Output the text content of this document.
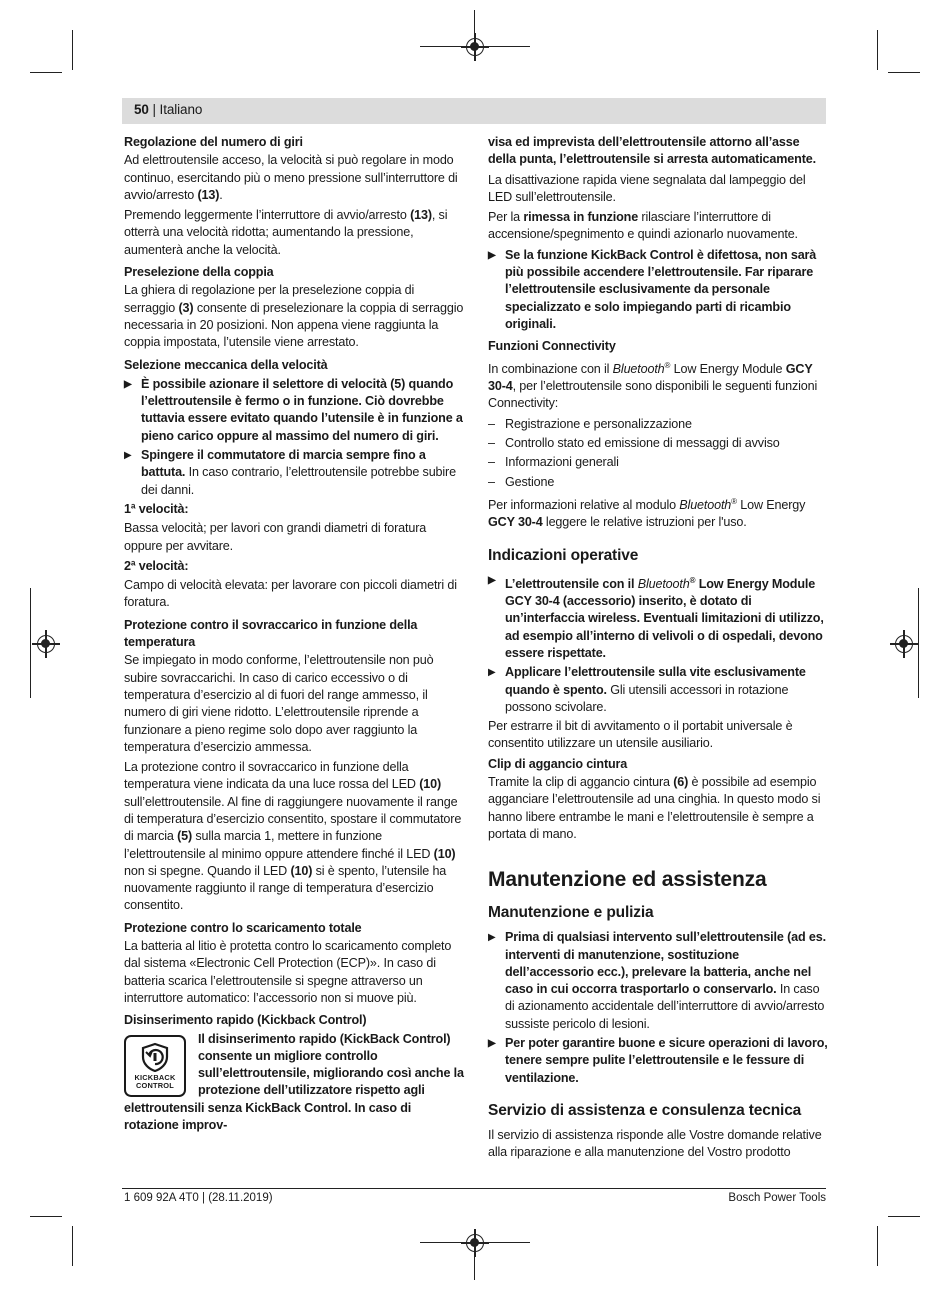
50 | Italiano

Regolazione del numero di giri

Ad elettroutensile acceso, la velocità si può regolare in modo continuo, esercitando più o meno pressione sull’interruttore di avvio/arresto (13).

Premendo leggermente l’interruttore di avvio/arresto (13), si otterrà una velocità ridotta; aumentando la pressione, aumenterà anche la velocità.

Preselezione della coppia

La ghiera di regolazione per la preselezione coppia di serraggio (3) consente di preselezionare la coppia di serraggio necessaria in 20 posizioni. Non appena viene raggiunta la coppia impostata, l’utensile viene arrestato.

Selezione meccanica della velocità

▶ È possibile azionare il selettore di velocità (5) quando l’elettroutensile è fermo o in funzione. Ciò dovrebbe tuttavia essere evitato quando l’utensile è in funzione a pieno carico oppure al massimo del numero di giri.

▶ Spingere il commutatore di marcia sempre fino a battuta. In caso contrario, l’elettroutensile potrebbe subire dei danni.

1ª velocità:

Bassa velocità; per lavori con grandi diametri di foratura oppure per avvitare.

2ª velocità:

Campo di velocità elevata: per lavorare con piccoli diametri di foratura.

Protezione contro il sovraccarico in funzione della temperatura

Se impiegato in modo conforme, l’elettroutensile non può subire sovraccarichi. In caso di carico eccessivo o di temperatura d’esercizio al di fuori del range ammesso, il numero di giri viene ridotto. L’elettroutensile riprende a funzionare a pieno regime solo dopo aver raggiunto la temperatura d’esercizio ammessa.

La protezione contro il sovraccarico in funzione della temperatura viene indicata da una luce rossa del LED (10) sull’elettroutensile. Al fine di raggiungere nuovamente il range di temperatura d’esercizio consentito, spostare il commutatore di marcia (5) sulla marcia 1, mettere in funzione l’elettroutensile al minimo oppure attendere finché il LED (10) non si spegne. Quando il LED (10) si è spento, l’utensile ha nuovamente raggiunto il range di temperatura d’esercizio consentito.

Protezione contro lo scaricamento totale

La batteria al litio è protetta contro lo scaricamento completo dal sistema «Electronic Cell Protection (ECP)». In caso di batteria scarica l’elettroutensile si spegne attraverso un interruttore automatico: l’accessorio non si muove più.

Disinserimento rapido (Kickback Control)

KICKBACK
CONTROL

Il disinserimento rapido (KickBack Control) consente un migliore controllo sull’elettroutensile, migliorando così anche la protezione dell’utilizzatore rispetto agli elettroutensili senza KickBack Control. In caso di rotazione improv-

visa ed imprevista dell’elettroutensile attorno all’asse della punta, l’elettroutensile si arresta automaticamente.

La disattivazione rapida viene segnalata dal lampeggio del LED sull’elettroutensile.

Per la rimessa in funzione rilasciare l’interruttore di accensione/spegnimento e quindi azionarlo nuovamente.

▶ Se la funzione KickBack Control è difettosa, non sarà più possibile accendere l’elettroutensile. Far riparare l’elettroutensile esclusivamente da personale specializzato e solo impiegando parti di ricambio originali.

Funzioni Connectivity

In combinazione con il Bluetooth® Low Energy Module GCY 30-4, per l’elettroutensile sono disponibili le seguenti funzioni Connectivity:

– Registrazione e personalizzazione

– Controllo stato ed emissione di messaggi di avviso

– Informazioni generali

– Gestione

Per informazioni relative al modulo Bluetooth® Low Energy GCY 30-4 leggere le relative istruzioni per l'uso.

Indicazioni operative

▶ L’elettroutensile con il Bluetooth® Low Energy Module GCY 30-4 (accessorio) inserito, è dotato di un’interfaccia wireless. Eventuali limitazioni di utilizzo, ad esempio all’interno di velivoli o di ospedali, devono essere rispettate.

▶ Applicare l’elettroutensile sulla vite esclusivamente quando è spento. Gli utensili accessori in rotazione possono scivolare.

Per estrarre il bit di avvitamento o il portabit universale è consentito utilizzare un utensile ausiliario.

Clip di aggancio cintura

Tramite la clip di aggancio cintura (6) è possibile ad esempio agganciare l’elettroutensile ad una cinghia. In questo modo si hanno libere entrambe le mani e l’elettroutensile è sempre a portata di mano.

Manutenzione ed assistenza

Manutenzione e pulizia

▶ Prima di qualsiasi intervento sull’elettroutensile (ad es. interventi di manutenzione, sostituzione dell’accessorio ecc.), prelevare la batteria, anche nel caso in cui occorra trasportarlo o conservarlo. In caso di azionamento accidentale dell’interruttore di avvio/arresto sussiste pericolo di lesioni.

▶ Per poter garantire buone e sicure operazioni di lavoro, tenere sempre pulite l’elettroutensile e le fessure di ventilazione.

Servizio di assistenza e consulenza tecnica

Il servizio di assistenza risponde alle Vostre domande relative alla riparazione e alla manutenzione del Vostro prodotto

1 609 92A 4T0 | (28.11.2019)	Bosch Power Tools
